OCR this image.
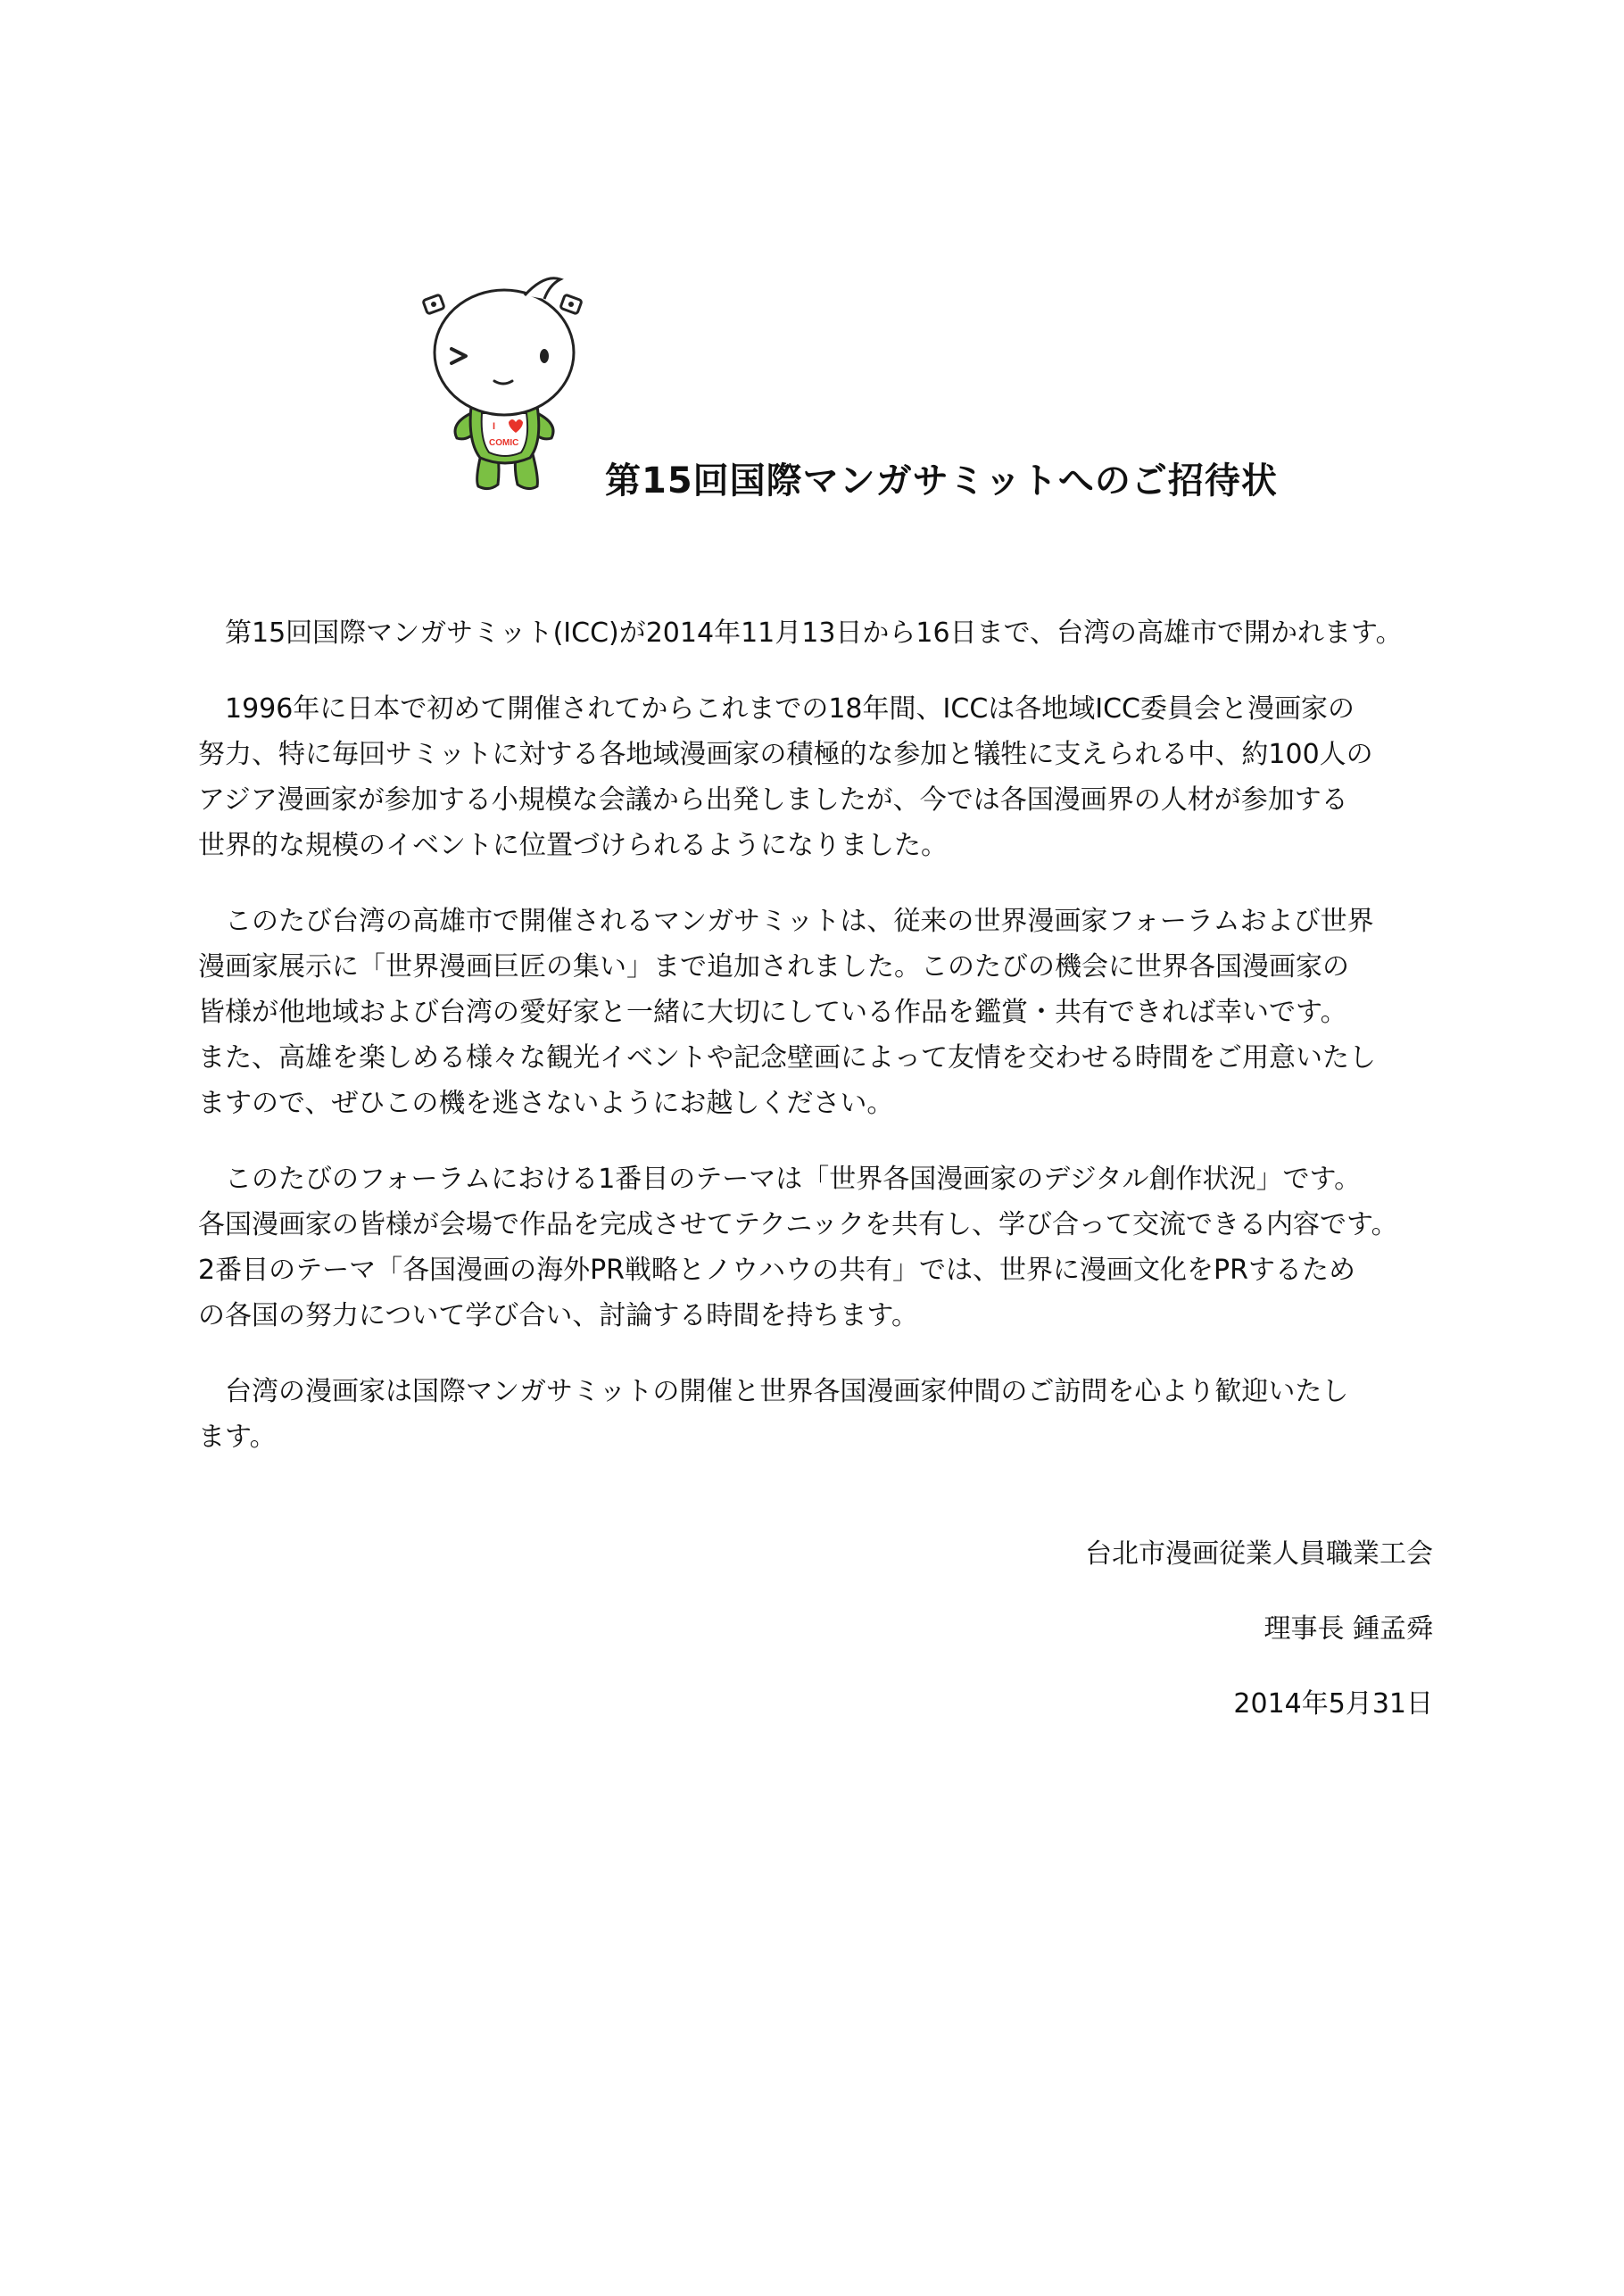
I
COMIC
第15回国際マンガサミットへのご招待状

第15回国際マンガサミット(ICC)が2014年11月13日から16日まで、台湾の高雄市で開かれます。

1996年に日本で初めて開催されてからこれまでの18年間、ICCは各地域ICC委員会と漫画家の
努力、特に毎回サミットに対する各地域漫画家の積極的な参加と犠牲に支えられる中、約100人の
アジア漫画家が参加する小規模な会議から出発しましたが、今では各国漫画界の人材が参加する
世界的な規模のイベントに位置づけられるようになりました。

このたび台湾の高雄市で開催されるマンガサミットは、従来の世界漫画家フォーラムおよび世界
漫画家展示に「世界漫画巨匠の集い」まで追加されました。このたびの機会に世界各国漫画家の
皆様が他地域および台湾の愛好家と一緒に大切にしている作品を鑑賞・共有できれば幸いです。
また、高雄を楽しめる様々な観光イベントや記念壁画によって友情を交わせる時間をご用意いたし
ますので、ぜひこの機を逃さないようにお越しください。

このたびのフォーラムにおける1番目のテーマは「世界各国漫画家のデジタル創作状況」です。
各国漫画家の皆様が会場で作品を完成させてテクニックを共有し、学び合って交流できる内容です。
2番目のテーマ「各国漫画の海外PR戦略とノウハウの共有」では、世界に漫画文化をPRするため
の各国の努力について学び合い、討論する時間を持ちます。

台湾の漫画家は国際マンガサミットの開催と世界各国漫画家仲間のご訪問を心より歓迎いたし
ます。

台北市漫画従業人員職業工会

理事長 鍾孟舜

2014年5月31日
